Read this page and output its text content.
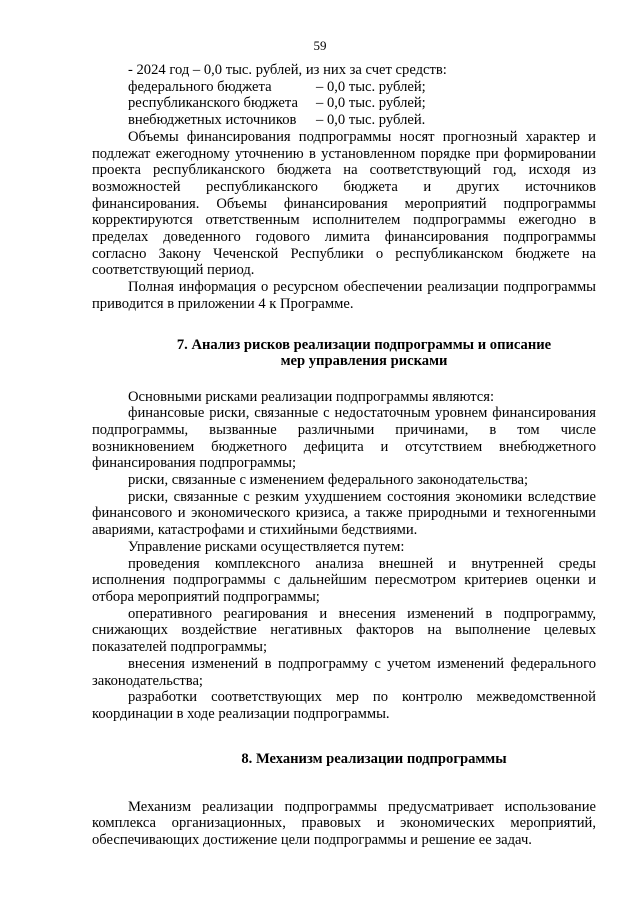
59
- 2024 год – 0,0 тыс. рублей, из них за счет средств:
федерального бюджета	– 0,0 тыс. рублей;
республиканского бюджета	– 0,0 тыс. рублей;
внебюджетных источников	– 0,0 тыс. рублей.

Объемы финансирования подпрограммы носят прогнозный характер и подлежат ежегодному уточнению в установленном порядке при формировании проекта республиканского бюджета на соответствующий год, исходя из возможностей республиканского бюджета и других источников финансирования. Объемы финансирования мероприятий подпрограммы корректируются ответственным исполнителем подпрограммы ежегодно в пределах доведенного годового лимита финансирования подпрограммы согласно Закону Чеченской Республики о республиканском бюджете на соответствующий период.

Полная информация о ресурсном обеспечении реализации подпрограммы приводится в приложении 4 к Программе.

7. Анализ рисков реализации подпрограммы и описание
мер управления рисками

Основными рисками реализации подпрограммы являются:

финансовые риски, связанные с недостаточным уровнем финансирования подпрограммы, вызванные различными причинами, в том числе возникновением бюджетного дефицита и отсутствием внебюджетного финансирования подпрограммы;

риски, связанные с изменением федерального законодательства;

риски, связанные с резким ухудшением состояния экономики вследствие финансового и экономического кризиса, а также природными и техногенными авариями, катастрофами и стихийными бедствиями.

Управление рисками осуществляется путем:

проведения комплексного анализа внешней и внутренней среды исполнения подпрограммы с дальнейшим пересмотром критериев оценки и отбора мероприятий подпрограммы;

оперативного реагирования и внесения изменений в подпрограмму, снижающих воздействие негативных факторов на выполнение целевых показателей подпрограммы;

внесения изменений в подпрограмму с учетом изменений федерального законодательства;

разработки соответствующих мер по контролю межведомственной координации в ходе реализации подпрограммы.

8. Механизм реализации подпрограммы

Механизм реализации подпрограммы предусматривает использование комплекса организационных, правовых и экономических мероприятий, обеспечивающих достижение цели подпрограммы и решение ее задач.
